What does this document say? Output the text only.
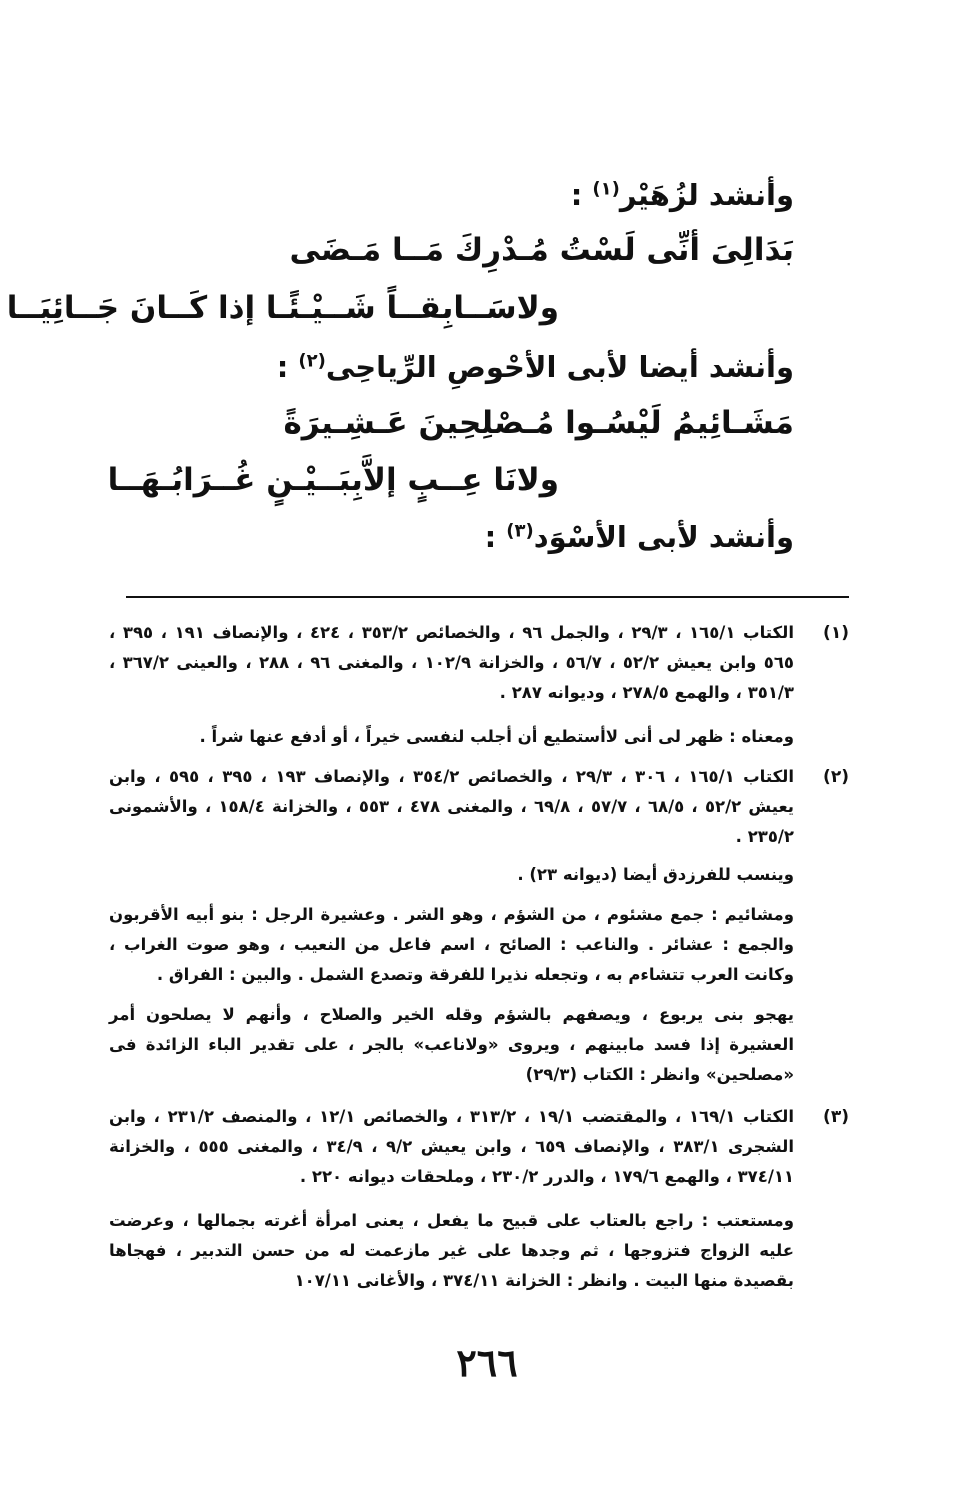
وأنشد لزُهَيْر$^{(١)}$ :
بَدَالِىَ أنِّى لَسْتُ مُـدْرِكَ مَــا مَـضَى
ولاسَــابِقــاً شَــيْـئًـا إذا كَــانَ جَــائِيَــا
وأنشد أيضا لأبى الأحْوصِ الرِّياحِى$^{(٢)}$ :
مَشَـائِيمُ لَيْسُـوا مُـصْلِحِينَ عَـشِـيرَةً
ولانَا عِــبٍ إلاَّبِبَــيْـنٍ غُــرَابُـهَــا
وأنشد لأبى الأسْوَد$^{(٣)}$ :
(١)
الكتاب ١٦٥/١ ، ٢٩/٣ ، والجمل ٩٦ ، والخصائص ٣٥٣/٢ ، ٤٢٤ ، والإنصاف ١٩١ ، ٣٩٥ ، ٥٦٥ وابن يعيش ٥٢/٢ ، ٥٦/٧ ، والخزانة ١٠٢/٩ ، والمغنى ٩٦ ، ٢٨٨ ، والعينى ٣٦٧/٢ ، ٣٥١/٣ ، والهمع ٢٧٨/٥ ، وديوانه ٢٨٧ .
ومعناه : ظهر لى أنى لاأستطيع أن أجلب لنفسى خيراً ، أو أدفع عنها شراً .
(٢)
الكتاب ١٦٥/١ ، ٣٠٦ ، ٢٩/٣ ، والخصائص ٣٥٤/٢ ، والإنصاف ١٩٣ ، ٣٩٥ ، ٥٩٥ ، وابن يعيش ٥٢/٢ ، ٦٨/٥ ، ٥٧/٧ ، ٦٩/٨ ، والمغنى ٤٧٨ ، ٥٥٣ ، والخزانة ١٥٨/٤ ، والأشمونى ٢٣٥/٢ .
وينسب للفرزدق أيضا (ديوانه ٢٣) .
ومشائيم : جمع مشئوم ، من الشؤم ، وهو الشر . وعشيرة الرجل : بنو أبيه الأقربون والجمع : عشائر . والناعب : الصائح ، اسم فاعل من النعيب ، وهو صوت الغراب ، وكانت العرب تتشاءم به ، وتجعله نذيرا للفرقة وتصدع الشمل . والبين : الفراق .
يهجو بنى يربوع ، ويصفهم بالشؤم وقله الخير والصلاح ، وأنهم لا يصلحون أمر العشيرة إذا فسد مابينهم ، ويروى «ولاناعب» بالجر ، على تقدير الباء الزائدة فى «مصلحين» وانظر : الكتاب (٢٩/٣)
(٣)
الكتاب ١٦٩/١ ، والمقتضب ١٩/١ ، ٣١٣/٢ ، والخصائص ١٢/١ ، والمنصف ٢٣١/٢ ، وابن الشجرى ٣٨٣/١ ، والإنصاف ٦٥٩ ، وابن يعيش ٩/٢ ، ٣٤/٩ ، والمغنى ٥٥٥ ، والخزانة ٣٧٤/١١ ، والهمع ١٧٩/٦ ، والدرر ٢٣٠/٢ ، وملحقات ديوانه ٢٢٠ .
ومستعتب : راجع بالعتاب على قبيح ما يفعل ، يعنى امرأة أغرته بجمالها ، وعرضت عليه الزواج فتزوجها ، ثم وجدها على غير مازعمت له من حسن التدبير ، فهجاها بقصيدة منها البيت . وانظر : الخزانة ٣٧٤/١١ ، والأغانى ١٠٧/١١
٢٦٦
